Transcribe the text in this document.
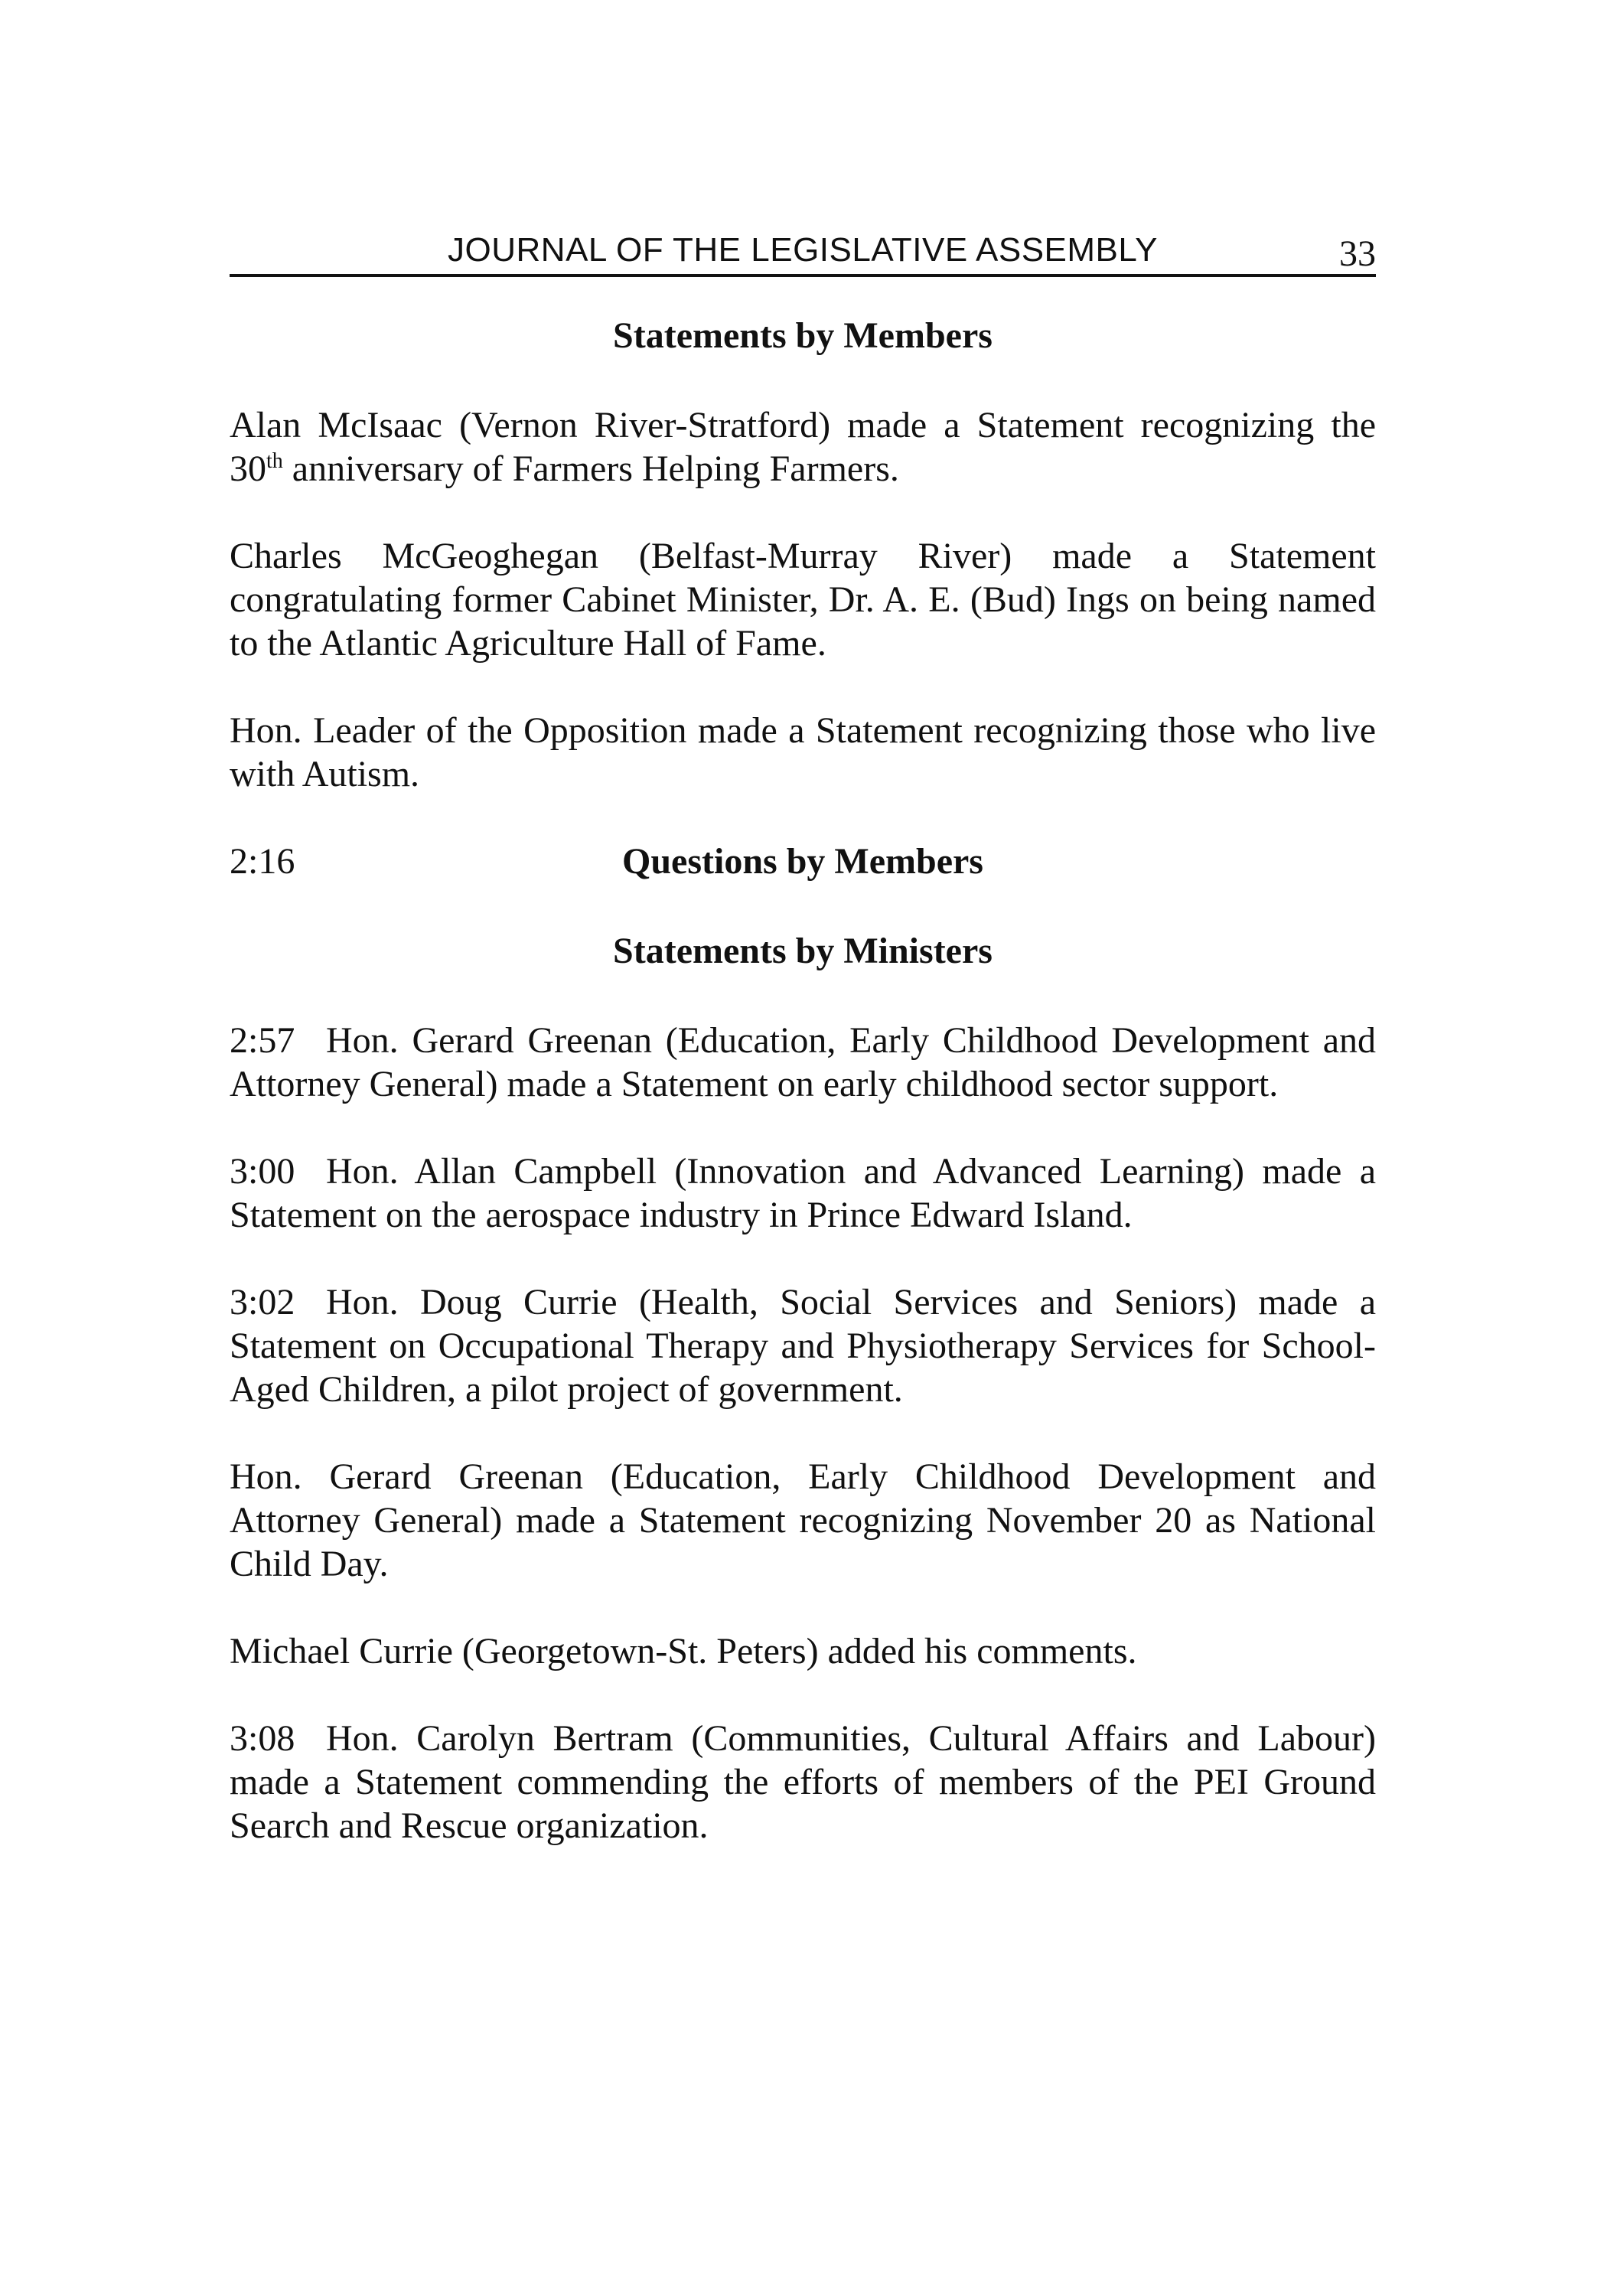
JOURNAL OF THE LEGISLATIVE ASSEMBLY	33
Statements by Members

Alan McIsaac (Vernon River-Stratford) made a Statement recognizing the 30th anniversary of Farmers Helping Farmers.

Charles McGeoghegan (Belfast-Murray River) made a Statement congratulating former Cabinet Minister, Dr. A. E. (Bud) Ings on being named to the Atlantic Agriculture Hall of Fame.

Hon. Leader of the Opposition made a Statement recognizing those who live with Autism.

2:16	Questions by Members
Statements by Ministers

2:57 Hon. Gerard Greenan (Education, Early Childhood Development and Attorney General) made a Statement on early childhood sector support.

3:00 Hon. Allan Campbell (Innovation and Advanced Learning) made a Statement on the aerospace industry in Prince Edward Island.

3:02 Hon. Doug Currie (Health, Social Services and Seniors) made a Statement on Occupational Therapy and Physiotherapy Services for School-Aged Children, a pilot project of government.

Hon. Gerard Greenan (Education, Early Childhood Development and Attorney General) made a Statement recognizing November 20 as National Child Day.

Michael Currie (Georgetown-St. Peters) added his comments.

3:08 Hon. Carolyn Bertram (Communities, Cultural Affairs and Labour) made a Statement commending the efforts of members of the PEI Ground Search and Rescue organization.
